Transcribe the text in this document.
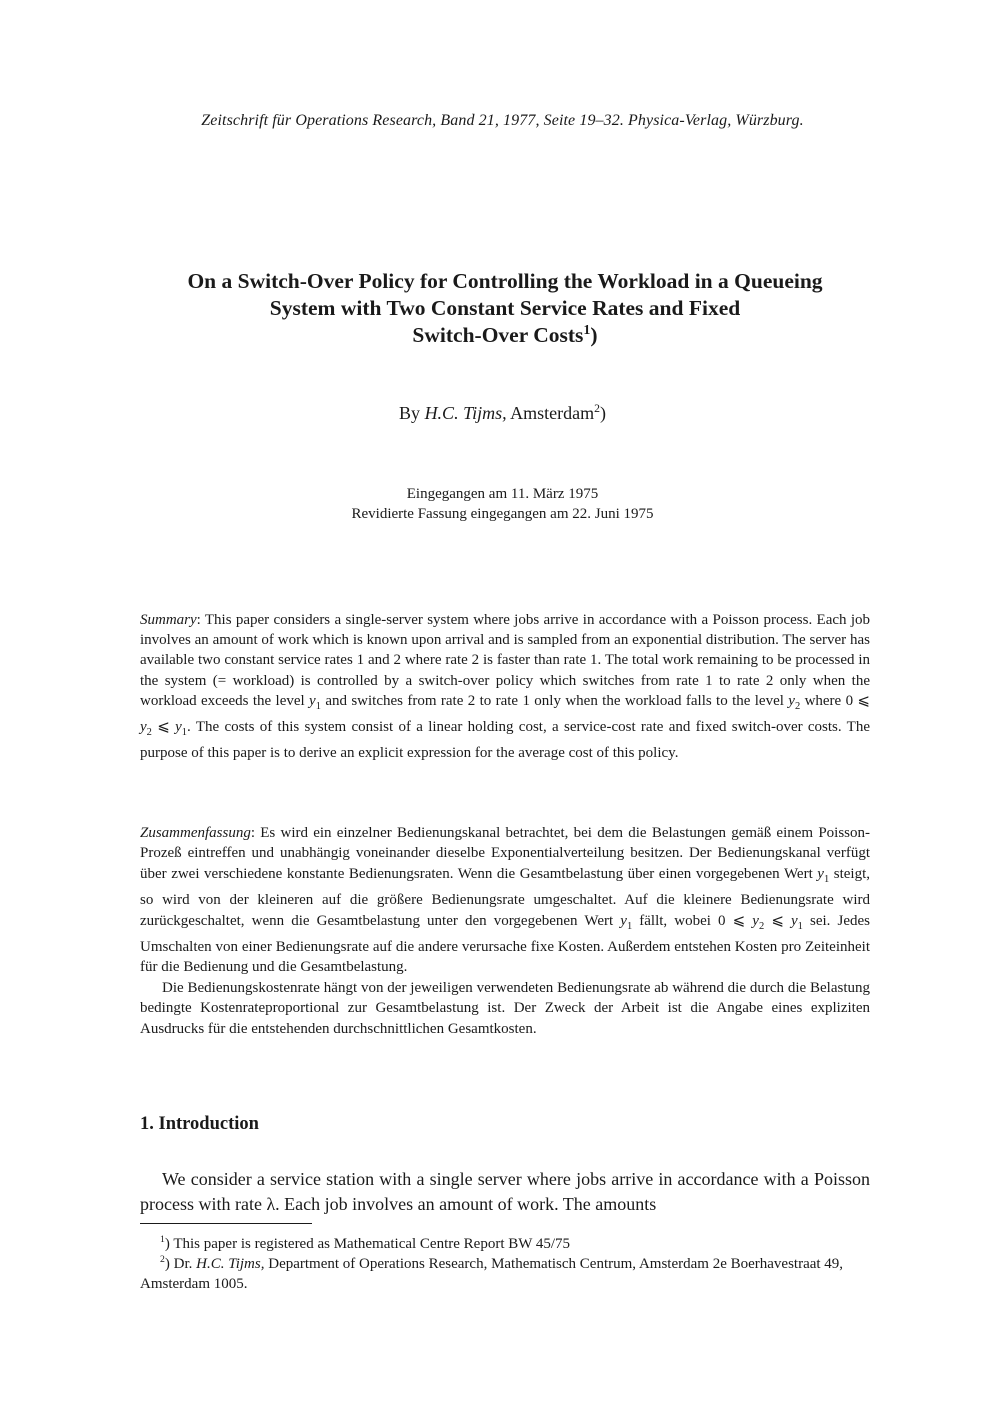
Zeitschrift für Operations Research, Band 21, 1977, Seite 19–32. Physica-Verlag, Würzburg.
On a Switch-Over Policy for Controlling the Workload in a Queueing
System with Two Constant Service Rates and Fixed
Switch-Over Costs$^1$)
By H.C. Tijms, Amsterdam$^2$)
Eingegangen am 11. März 1975
Revidierte Fassung eingegangen am 22. Juni 1975

Summary: This paper considers a single-server system where jobs arrive in accordance with a Poisson process. Each job involves an amount of work which is known upon arrival and is sampled from an exponential distribution. The server has available two constant service rates 1 and 2 where rate 2 is faster than rate 1. The total work remaining to be processed in the system (= workload) is controlled by a switch-over policy which switches from rate 1 to rate 2 only when the workload exceeds the level $y_1$ and switches from rate 2 to rate 1 only when the workload falls to the level $y_2$ where 0 ⩽ $y_2$ ⩽ $y_1$. The costs of this system consist of a linear holding cost, a service-cost rate and fixed switch-over costs. The purpose of this paper is to derive an explicit expression for the average cost of this policy.

Zusammenfassung: Es wird ein einzelner Bedienungskanal betrachtet, bei dem die Belastungen gemäß einem Poisson-Prozeß eintreffen und unabhängig voneinander dieselbe Exponentialverteilung besitzen. Der Bedienungskanal verfügt über zwei verschiedene konstante Bedienungsraten. Wenn die Gesamtbelastung über einen vorgegebenen Wert $y_1$ steigt, so wird von der kleineren auf die größere Bedienungsrate umgeschaltet. Auf die kleinere Bedienungsrate wird zurückgeschaltet, wenn die Gesamtbelastung unter den vorgegebenen Wert $y_1$ fällt, wobei 0 ⩽ $y_2$ ⩽ $y_1$ sei. Jedes Umschalten von einer Bedienungsrate auf die andere verursache fixe Kosten. Außerdem entstehen Kosten pro Zeiteinheit für die Bedienung und die Gesamtbelastung.

Die Bedienungskostenrate hängt von der jeweiligen verwendeten Bedienungsrate ab während die durch die Belastung bedingte Kostenrateproportional zur Gesamtbelastung ist. Der Zweck der Arbeit ist die Angabe eines expliziten Ausdrucks für die entstehenden durchschnittlichen Gesamtkosten.

1. Introduction
We consider a service station with a single server where jobs arrive in accordance with a Poisson process with rate λ. Each job involves an amount of work. The amounts

$^1$) This paper is registered as Mathematical Centre Report BW 45/75

$^2$) Dr. H.C. Tijms, Department of Operations Research, Mathematisch Centrum, Amsterdam 2e Boerhavestraat 49, Amsterdam 1005.
